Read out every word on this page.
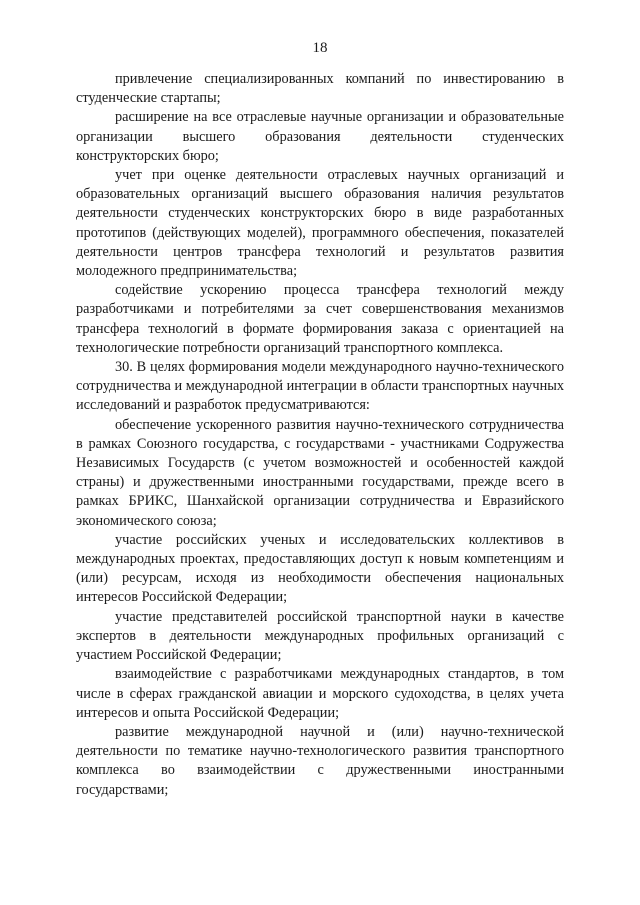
18

привлечение специализированных компаний по инвестированию в студенческие стартапы;

расширение на все отраслевые научные организации и образовательные организации высшего образования деятельности студенческих конструкторских бюро;

учет при оценке деятельности отраслевых научных организаций и образовательных организаций высшего образования наличия результатов деятельности студенческих конструкторских бюро в виде разработанных прототипов (действующих моделей), программного обеспечения, показателей деятельности центров трансфера технологий и результатов развития молодежного предпринимательства;

содействие ускорению процесса трансфера технологий между разработчиками и потребителями за счет совершенствования механизмов трансфера технологий в формате формирования заказа с ориентацией на технологические потребности организаций транспортного комплекса.

30. В целях формирования модели международного научно-технического сотрудничества и международной интеграции в области транспортных научных исследований и разработок предусматриваются:

обеспечение ускоренного развития научно-технического сотрудничества в рамках Союзного государства, с государствами - участниками Содружества Независимых Государств (с учетом возможностей и особенностей каждой страны) и дружественными иностранными государствами, прежде всего в рамках БРИКС, Шанхайской организации сотрудничества и Евразийского экономического союза;

участие российских ученых и исследовательских коллективов в международных проектах, предоставляющих доступ к новым компетенциям и (или) ресурсам, исходя из необходимости обеспечения национальных интересов Российской Федерации;

участие представителей российской транспортной науки в качестве экспертов в деятельности международных профильных организаций с участием Российской Федерации;

взаимодействие с разработчиками международных стандартов, в том числе в сферах гражданской авиации и морского судоходства, в целях учета интересов и опыта Российской Федерации;

развитие международной научной и (или) научно-технической деятельности по тематике научно-технологического развития транспортного комплекса во взаимодействии с дружественными иностранными государствами;
